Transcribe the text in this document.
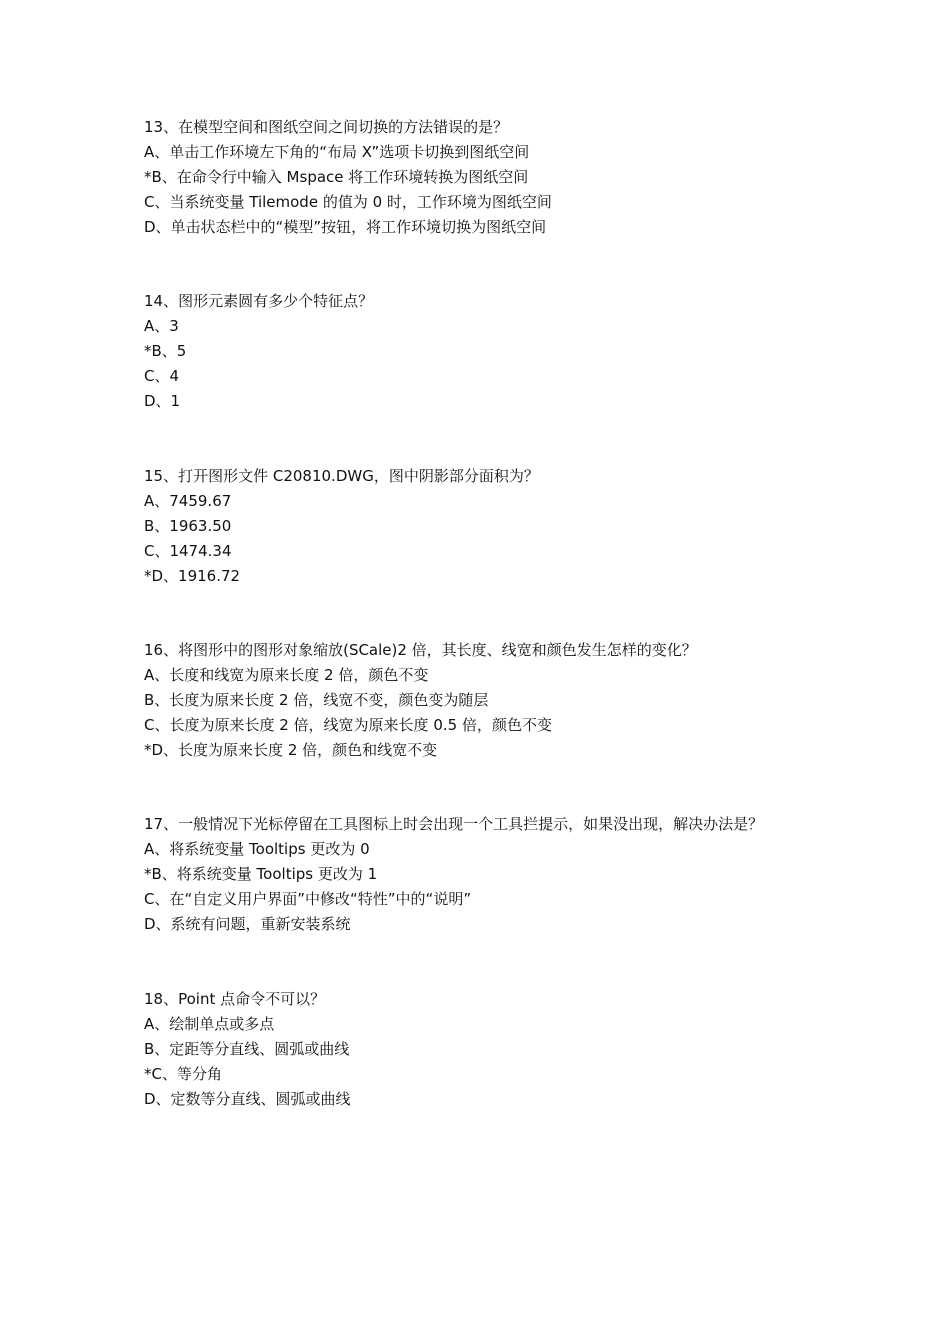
13、在模型空间和图纸空间之间切换的方法错误的是？
A、单击工作环境左下角的“布局 X”选项卡切换到图纸空间
*B、在命令行中输入 Mspace 将工作环境转换为图纸空间
C、当系统变量 Tilemode 的值为 0 时，工作环境为图纸空间
D、单击状态栏中的“模型”按钮，将工作环境切换为图纸空间
14、图形元素圆有多少个特征点？
A、3
*B、5
C、4
D、1
15、打开图形文件 C20810.DWG，图中阴影部分面积为？
A、7459.67
B、1963.50
C、1474.34
*D、1916.72
16、将图形中的图形对象缩放(SCale)2 倍，其长度、线宽和颜色发生怎样的变化？
A、长度和线宽为原来长度 2 倍，颜色不变
B、长度为原来长度 2 倍，线宽不变，颜色变为随层
C、长度为原来长度 2 倍，线宽为原来长度 0.5 倍，颜色不变
*D、长度为原来长度 2 倍，颜色和线宽不变
17、一般情况下光标停留在工具图标上时会出现一个工具拦提示，如果没出现，解决办法是？
A、将系统变量 Tooltips 更改为 0
*B、将系统变量 Tooltips 更改为 1
C、在“自定义用户界面”中修改“特性”中的“说明”
D、系统有问题，重新安装系统
18、Point 点命令不可以？
A、绘制单点或多点
B、定距等分直线、圆弧或曲线
*C、等分角
D、定数等分直线、圆弧或曲线
